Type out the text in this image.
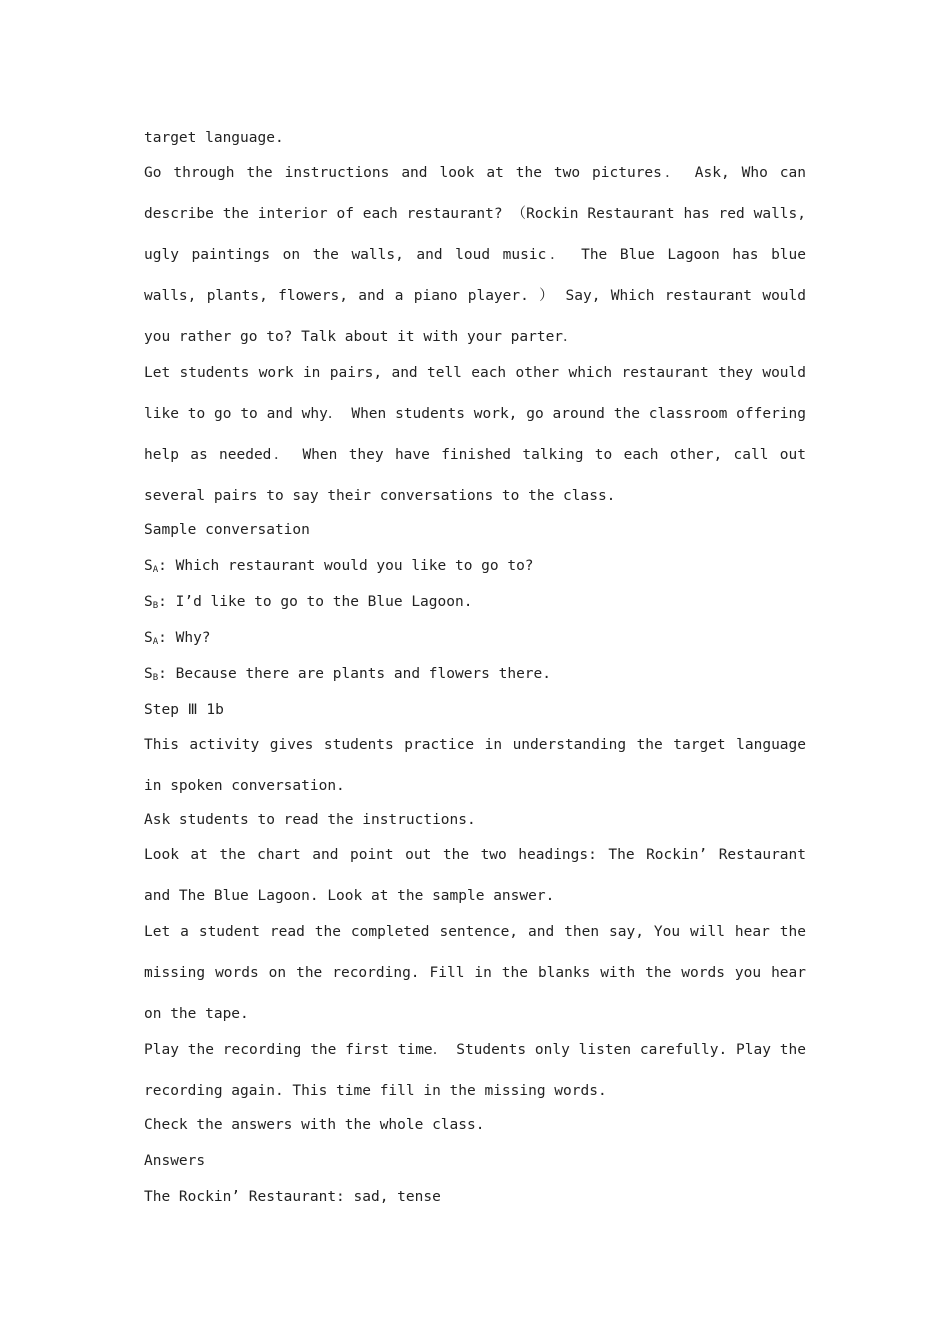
target language.

Go through the instructions and look at the two pictures． Ask, Who can describe the interior of each restaurant? （Rockin Restaurant has red walls, ugly paintings on the walls, and loud music． The Blue Lagoon has blue walls, plants, flowers, and a piano player. ） Say, Which restaurant would you rather go to? Talk about it with your parter．

Let students work in pairs, and tell each other which restaurant they would like to go to and why． When students work, go around the classroom offering help as needed． When they have finished talking to each other, call out several pairs to say their conversations to the class.

Sample conversation

$S_A$: Which restaurant would you like to go to?

$S_B$: I’d like to go to the Blue Lagoon.

$S_A$: Why?

$S_B$: Because there are plants and flowers there.

Step Ⅲ 1b

This activity gives students practice in understanding the target language in spoken conversation.

Ask students to read the instructions.

Look at the chart and point out the two headings: The Rockin’ Restaurant and The Blue Lagoon. Look at the sample answer.

Let a student read the completed sentence, and then say, You will hear the missing words on the recording. Fill in the blanks with the words you hear on the tape.

Play the recording the first time． Students only listen carefully. Play the recording again. This time fill in the missing words.

Check the answers with the whole class.

Answers

The Rockin’ Restaurant: sad, tense
